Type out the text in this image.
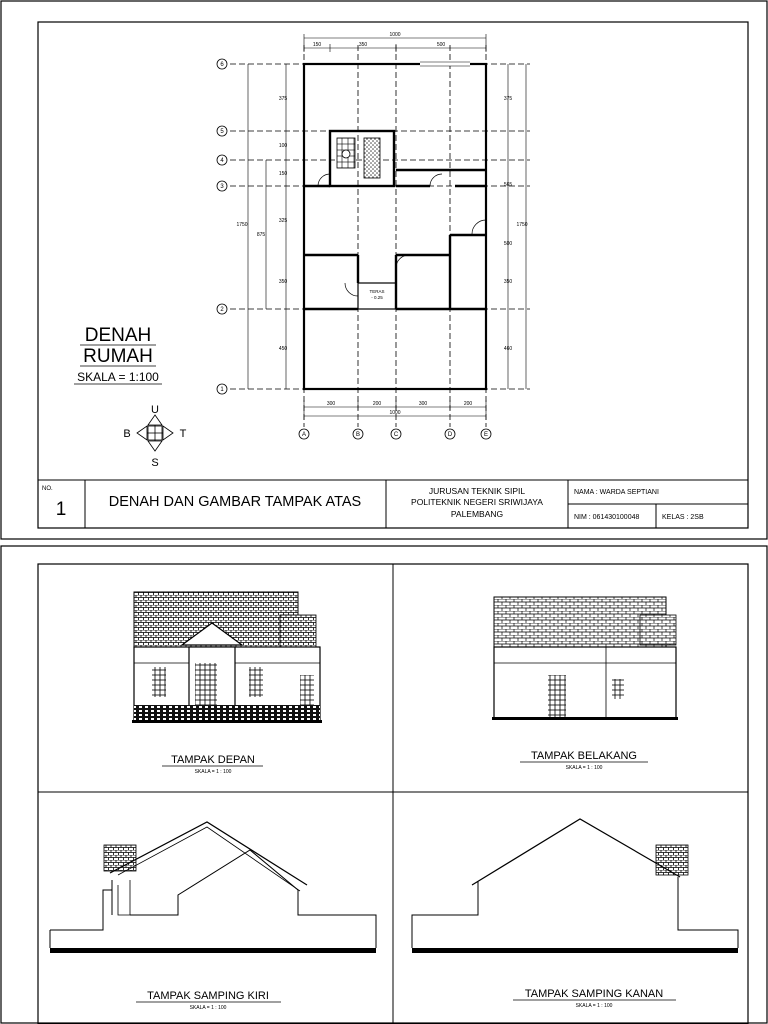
1000
150	350	500
300	200	300	200
1000
1750
875
375
100
150
325
350
450
375
565
350
460
1750
500
6
5
4
3
2
1
A	B	C	D	E
TERAS
- 0.25
DENAH
RUMAH
SKALA = 1:100
U
S
B	T
NO.
1	DENAH DAN GAMBAR TAMPAK ATAS
JURUSAN TEKNIK SIPIL
POLITEKNIK NEGERI SRIWIJAYA
PALEMBANG
NAMA : WARDA SEPTIANI
NIM : 061430100048	KELAS : 2SB
TAMPAK DEPAN
SKALA = 1 : 100
TAMPAK BELAKANG
SKALA = 1 : 100
TAMPAK SAMPING KIRI
SKALA = 1 : 100
TAMPAK SAMPING KANAN
SKALA = 1 : 100
